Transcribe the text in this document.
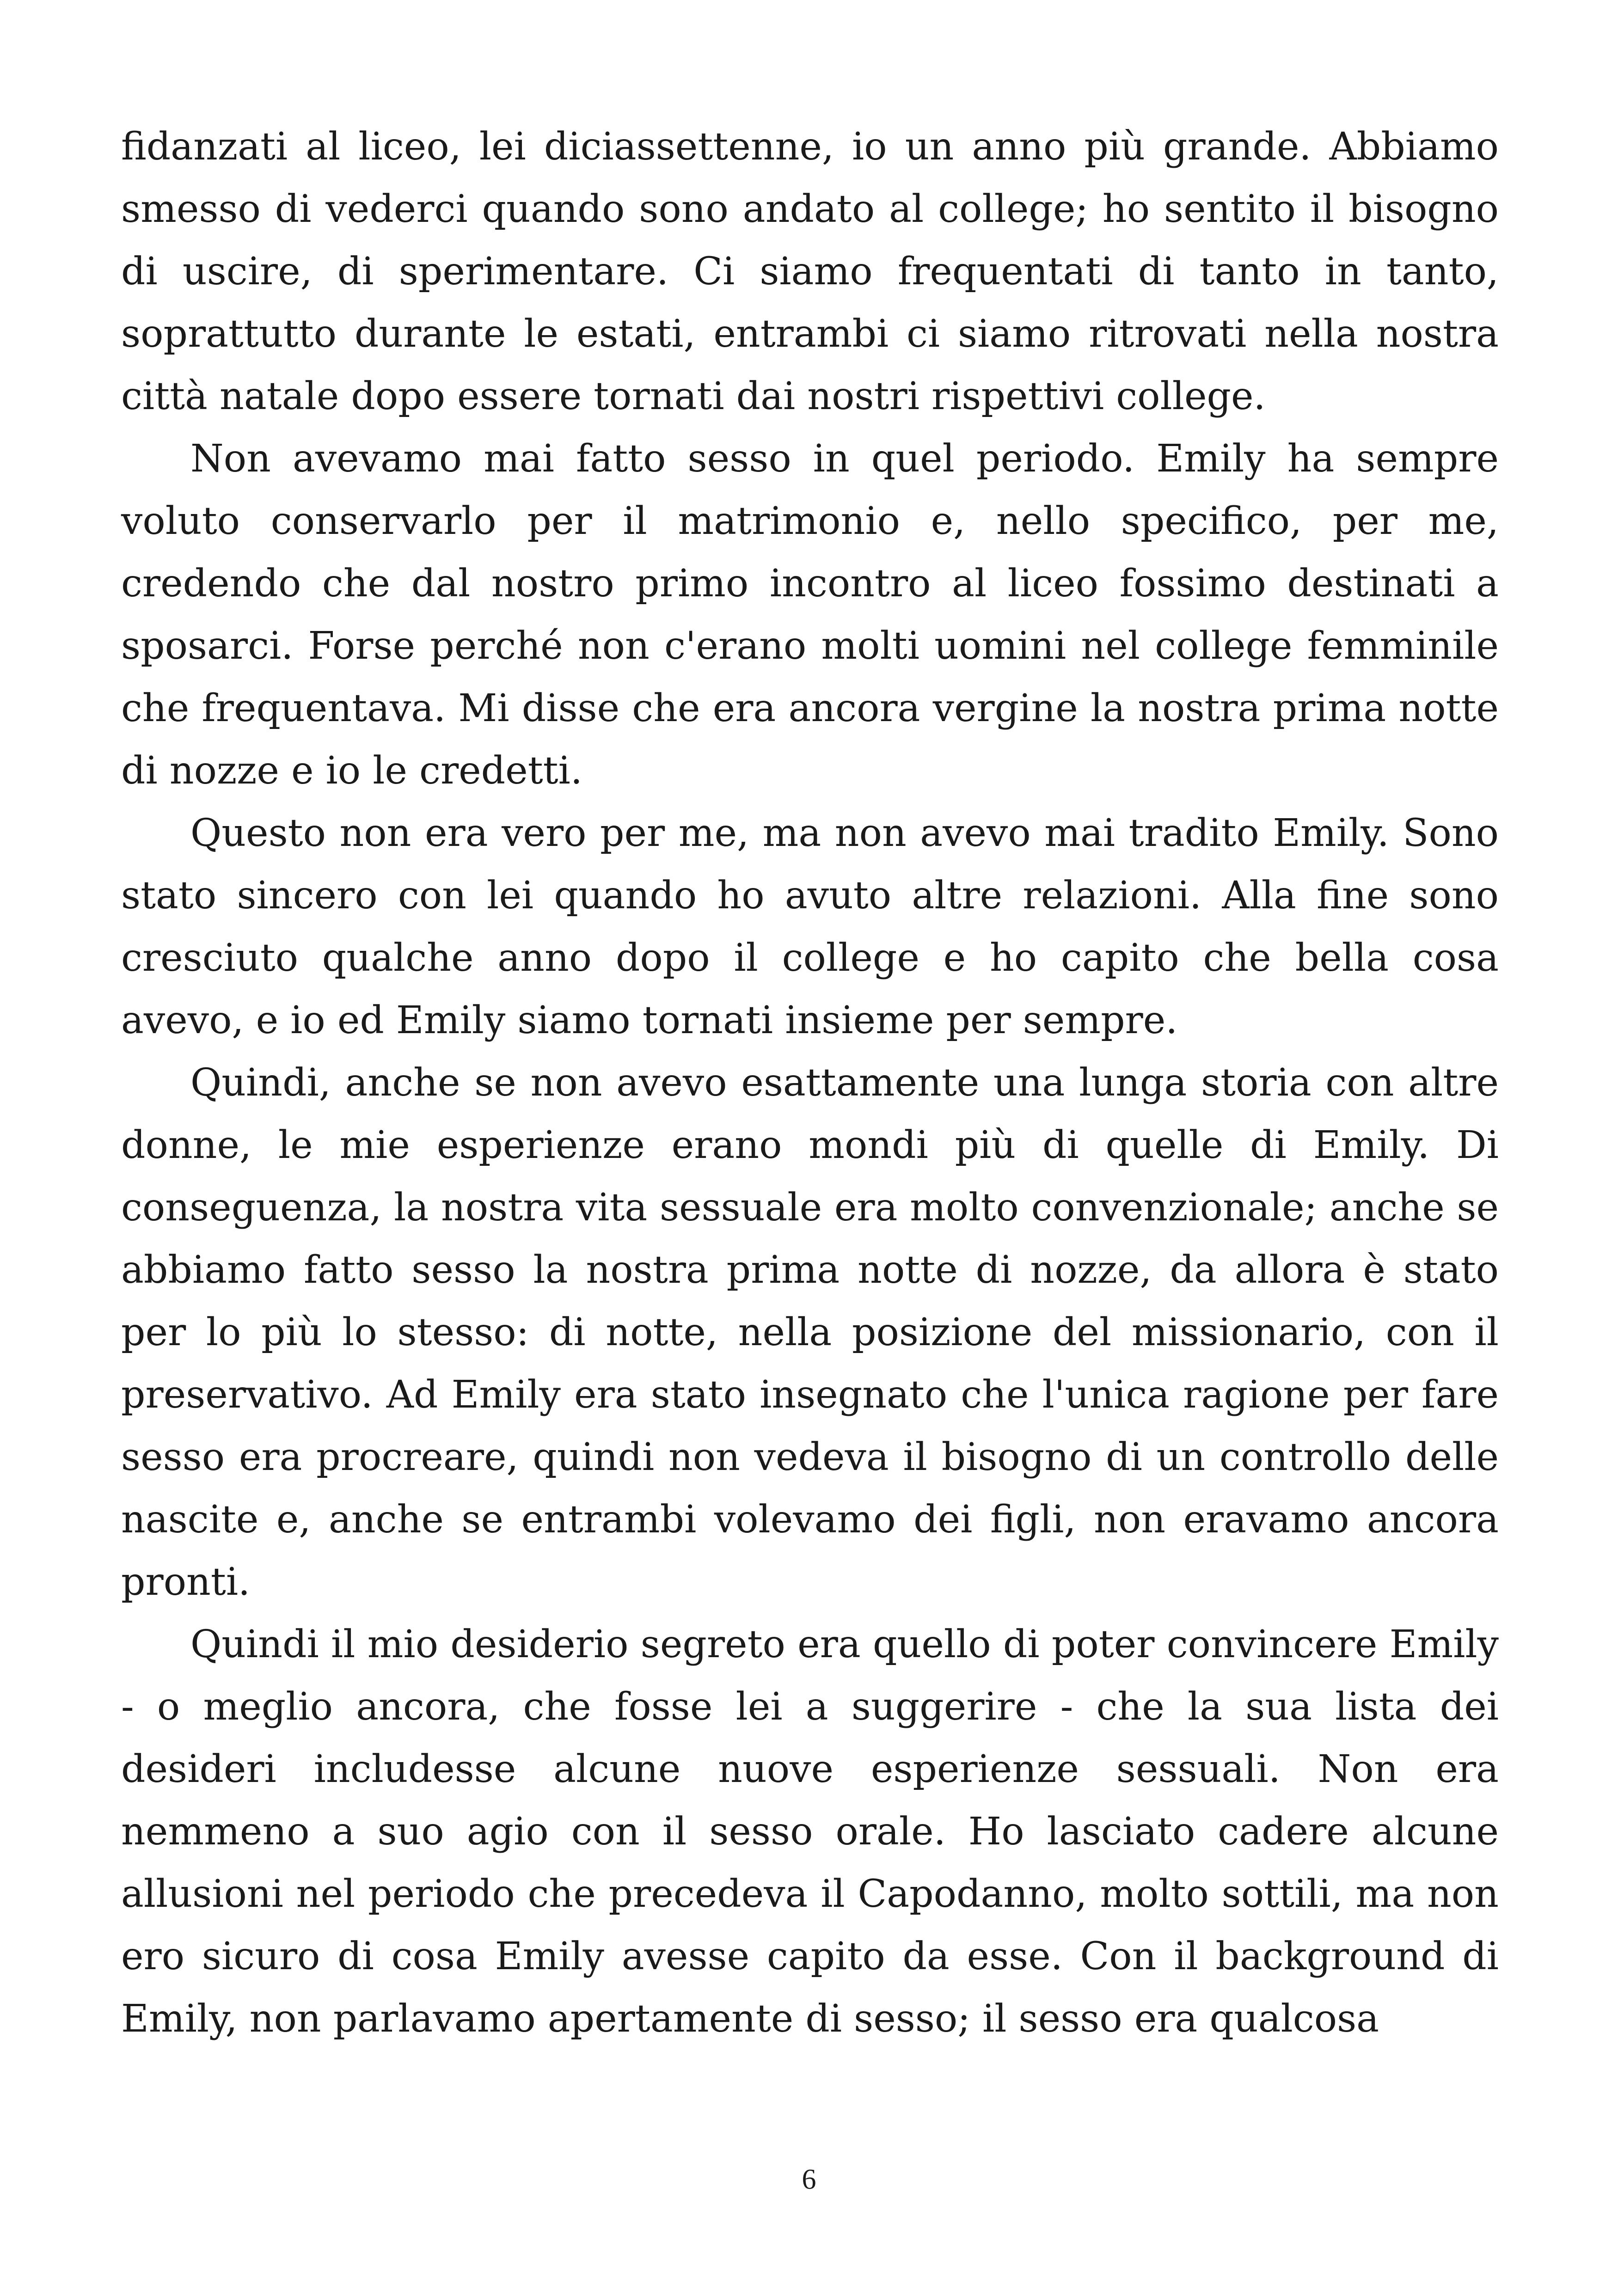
fidanzati al liceo, lei diciassettenne, io un anno più grande. Abbiamo smesso di vederci quando sono andato al college; ho sentito il bisogno di uscire, di sperimentare. Ci siamo frequentati di tanto in tanto, soprattutto durante le estati, entrambi ci siamo ritrovati nella nostra città natale dopo essere tornati dai nostri rispettivi college.

Non avevamo mai fatto sesso in quel periodo. Emily ha sempre voluto conservarlo per il matrimonio e, nello specifico, per me, credendo che dal nostro primo incontro al liceo fossimo destinati a sposarci. Forse perché non c'erano molti uomini nel college femminile che frequentava. Mi disse che era ancora vergine la nostra prima notte di nozze e io le credetti.

Questo non era vero per me, ma non avevo mai tradito Emily. Sono stato sincero con lei quando ho avuto altre relazioni. Alla fine sono cresciuto qualche anno dopo il college e ho capito che bella cosa avevo, e io ed Emily siamo tornati insieme per sempre.

Quindi, anche se non avevo esattamente una lunga storia con altre donne, le mie esperienze erano mondi più di quelle di Emily. Di conseguenza, la nostra vita sessuale era molto convenzionale; anche se abbiamo fatto sesso la nostra prima notte di nozze, da allora è stato per lo più lo stesso: di notte, nella posizione del missionario, con il preservativo. Ad Emily era stato insegnato che l'unica ragione per fare sesso era procreare, quindi non vedeva il bisogno di un controllo delle nascite e, anche se entrambi volevamo dei figli, non eravamo ancora pronti.

Quindi il mio desiderio segreto era quello di poter convincere Emily - o meglio ancora, che fosse lei a suggerire - che la sua lista dei desideri includesse alcune nuove esperienze sessuali. Non era nemmeno a suo agio con il sesso orale. Ho lasciato cadere alcune allusioni nel periodo che precedeva il Capodanno, molto sottili, ma non ero sicuro di cosa Emily avesse capito da esse. Con il background di Emily, non parlavamo apertamente di sesso; il sesso era qualcosa

6
